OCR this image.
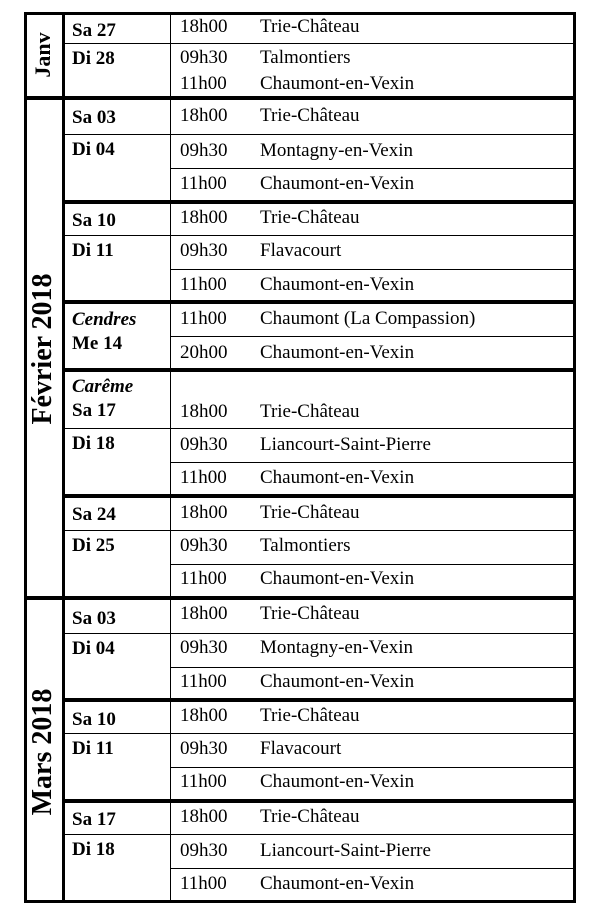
Janv
Février 2018
Mars 2018
Sa 27
Di 28
Sa 03
Di 04
Sa 10
Di 11
Cendres
Me 14
Carême
Sa 17
Di 18
Sa 24
Di 25
Sa 03
Di 04
Sa 10
Di 11
Sa 17
Di 18
18h00 Trie-Château
09h30 Talmontiers
11h00 Chaumont-en-Vexin
18h00 Trie-Château
09h30 Montagny-en-Vexin
11h00 Chaumont-en-Vexin
18h00 Trie-Château
09h30 Flavacourt
11h00 Chaumont-en-Vexin
11h00 Chaumont (La Compassion)
20h00 Chaumont-en-Vexin
18h00 Trie-Château
09h30 Liancourt-Saint-Pierre
11h00 Chaumont-en-Vexin
18h00 Trie-Château
09h30 Talmontiers
11h00 Chaumont-en-Vexin
18h00 Trie-Château
09h30 Montagny-en-Vexin
11h00 Chaumont-en-Vexin
18h00 Trie-Château
09h30 Flavacourt
11h00 Chaumont-en-Vexin
18h00 Trie-Château
09h30 Liancourt-Saint-Pierre
11h00 Chaumont-en-Vexin
